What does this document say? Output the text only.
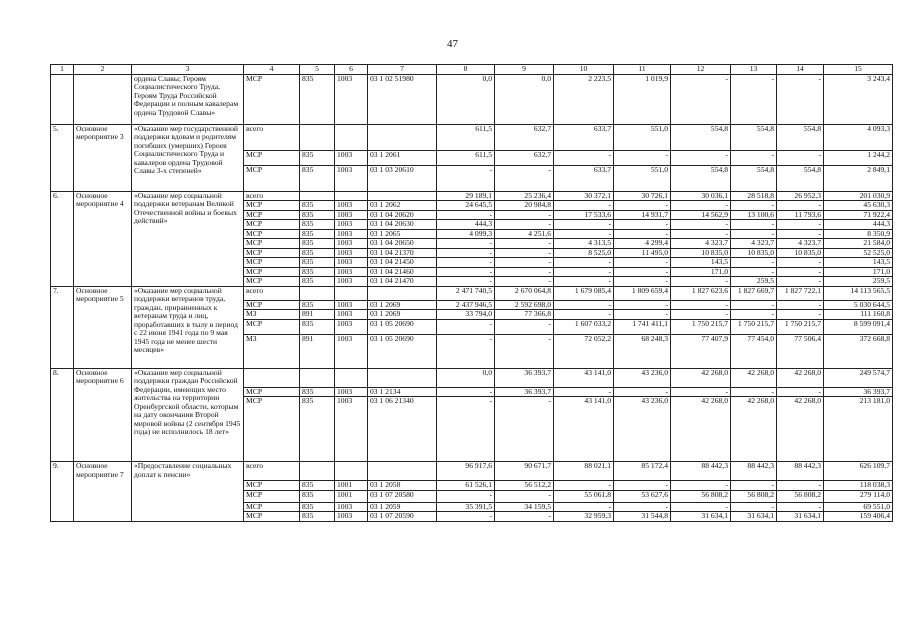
47
1	2	3	4	5	6	7	8	9	10	11	12	13	14	15
		ордена Славы; Героям Социалистического Труда, Героям Труда Российской Федерации и полным кавалерам ордена Трудовой Славы»	МСР	835	1003	03 1 02 51980	0,0	0,0	2 223,5	1 019,9	-	-	-	3 243,4
5.	Основное мероприятие 3	«Оказание мер государственной поддержки вдовам и родителям погибших (умерших) Героев Социалистического Труда и кавалеров ордена Трудовой Славы 3-х степеней»	всего				611,5	632,7	633,7	551,0	554,8	554,8	554,8	4 093,3
			МСР	835	1003	03 1 2061	611,5	632,7	-	-	-	-	-	1 244,2
			МСР	835	1003	03 1 03 20610	-	-	633,7	551,0	554,8	554,8	554,8	2 849,1
6.	Основное мероприятие 4	«Оказание мер социальной поддержки ветеранам Великой Отечественной войны и боевых действий»	всего				29 189,1	25 236,4	30 372,1	30 726,1	30 036,1	28 518,8	26 952,3	201 030,9
			МСР	835	1003	03 1 2062	24 645,5	20 984,8	-	-	-	-	-	45 630,3
			МСР	835	1003	03 1 04 20620	-	-	17 533,6	14 931,7	14 562,9	13 100,6	11 793,6	71 922,4
			МСР	835	1003	03 1 04 20630	444,3	-	-	-	-	-	-	444,3
			МСР	835	1003	03 1 2065	4 099,3	4 251,6	-	-	-	-	-	8 350,9
			МСР	835	1003	03 1 04 20650	-	-	4 313,5	4 299,4	4 323,7	4 323,7	4 323,7	21 584,0
			МСР	835	1003	03 1 04 21370	-	-	8 525,0	11 495,0	10 835,0	10 835,0	10 835,0	52 525,0
			МСР	835	1003	03 1 04 21450	-	-	-	-	143,5	-	-	143,5
			МСР	835	1003	03 1 04 21460	-	-	-	-	171,0	-	-	171,0
			МСР	835	1003	03 1 04 21470	-	-	-	-	-	259,5	-	259,5
7.	Основное мероприятие 5	«Оказание мер социальной поддержки ветеранов труда, граждан, приравненных к ветеранам труда и лиц, проработавших в тылу в период с 22 июня 1941 года по 9 мая 1945 года не менее шести месяцев»	всего				2 471 740,5	2 670 064,8	1 679 085,4	1 809 659,4	1 827 623,6	1 827 669,7	1 827 722,1	14 113 565,5
			МСР	835	1003	03 1 2069	2 437 946,5	2 592 698,0	-	-	-	-	-	5 030 644,5
			МЗ	891	1003	03 1 2069	33 794,0	77 366,8	-	-	-	-	-	111 160,8
			МСР	835	1003	03 1 05 20690	-	-	1 607 033,2	1 741 411,1	1 750 215,7	1 750 215,7	1 750 215,7	8 599 091,4
			МЗ	891	1003	03 1 05 20690	-	-	72 052,2	68 248,3	77 407,9	77 454,0	77 506,4	372 668,8
8.	Основное мероприятие 6	«Оказание мер социальной поддержки граждан Российской Федерации, имеющих место жительства на территории Оренбургской области, которым на дату окончания Второй мировой войны (2 сентября 1945 года) не исполнилось 18 лет»					0,0	36 393,7	43 141,0	43 236,0	42 268,0	42 268,0	42 268,0	249 574,7
			МСР	835	1003	03 1 2134	-	36 393,7	-	-	-	-	-	36 393,7
			МСР	835	1003	03 1 06 21340	-	-	43 141,0	43 236,0	42 268,0	42 268,0	42 268,0	213 181,0
9.	Основное мероприятие 7	«Предоставление социальных доплат к пенсии»	всего				96 917,6	90 671,7	88 021,1	85 172,4	88 442,3	88 442,3	88 442,3	626 109,7
			МСР	835	1001	03 1 2058	61 526,1	56 512,2	-	-	-	-	-	118 038,3
			МСР	835	1001	03 1 07 20580	-	-	55 061,8	53 627,6	56 808,2	56 808,2	56 808,2	279 114,0
			МСР	835	1003	03 1 2059	35 391,5	34 159,5	-	-	-	-	-	69 551,0
			МСР	835	1003	03 1 07 20590	-	-	32 959,3	31 544,8	31 634,1	31 634,1	31 634,1	159 406,4
